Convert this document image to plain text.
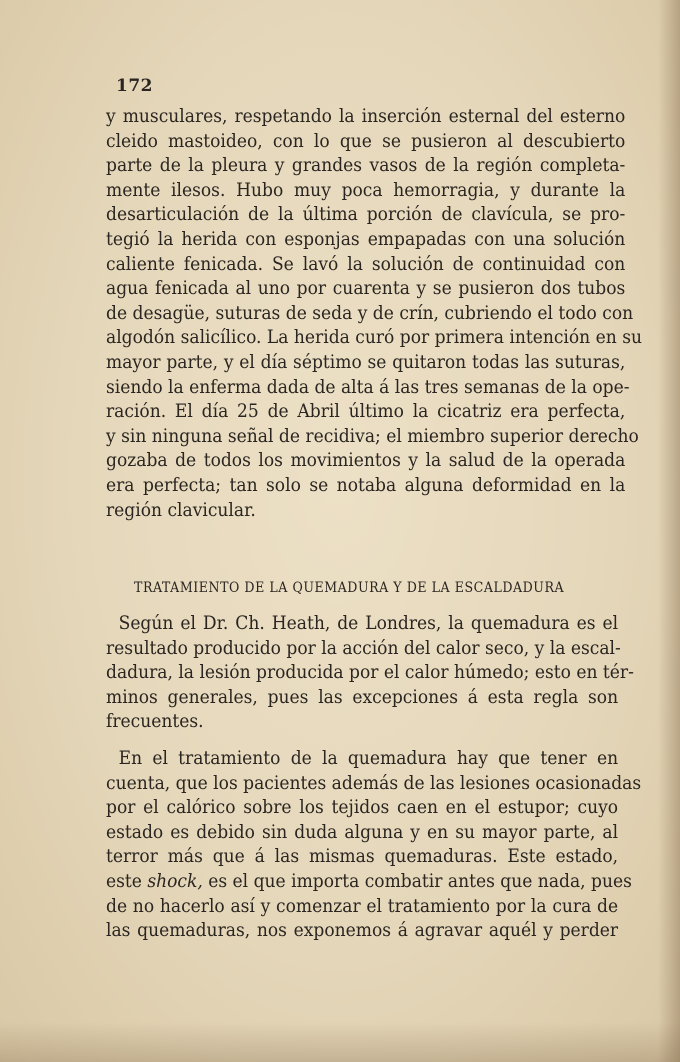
172
y musculares, respetando la inserción esternal del esterno
cleido mastoideo, con lo que se pusieron al descubierto
parte de la pleura y grandes vasos de la región completa-
mente ilesos. Hubo muy poca hemorragia, y durante la
desarticulación de la última porción de clavícula, se pro-
tegió la herida con esponjas empapadas con una solución
caliente fenicada. Se lavó la solución de continuidad con
agua fenicada al uno por cuarenta y se pusieron dos tubos
de desagüe, suturas de seda y de crín, cubriendo el todo con
algodón salicílico. La herida curó por primera intención en su
mayor parte, y el día séptimo se quitaron todas las suturas,
siendo la enferma dada de alta á las tres semanas de la ope-
ración. El día 25 de Abril último la cicatriz era perfecta,
y sin ninguna señal de recidiva; el miembro superior derecho
gozaba de todos los movimientos y la salud de la operada
era perfecta; tan solo se notaba alguna deformidad en la
región clavicular.
TRATAMIENTO DE LA QUEMADURA Y DE LA ESCALDADURA
Según el Dr. Ch. Heath, de Londres, la quemadura es el
resultado producido por la acción del calor seco, y la escal-
dadura, la lesión producida por el calor húmedo; esto en tér-
minos generales, pues las excepciones á esta regla son
frecuentes.
En el tratamiento de la quemadura hay que tener en
cuenta, que los pacientes además de las lesiones ocasionadas
por el calórico sobre los tejidos caen en el estupor; cuyo
estado es debido sin duda alguna y en su mayor parte, al
terror más que á las mismas quemaduras. Este estado,
este shock, es el que importa combatir antes que nada, pues
de no hacerlo así y comenzar el tratamiento por la cura de
las quemaduras, nos exponemos á agravar aquél y perder
